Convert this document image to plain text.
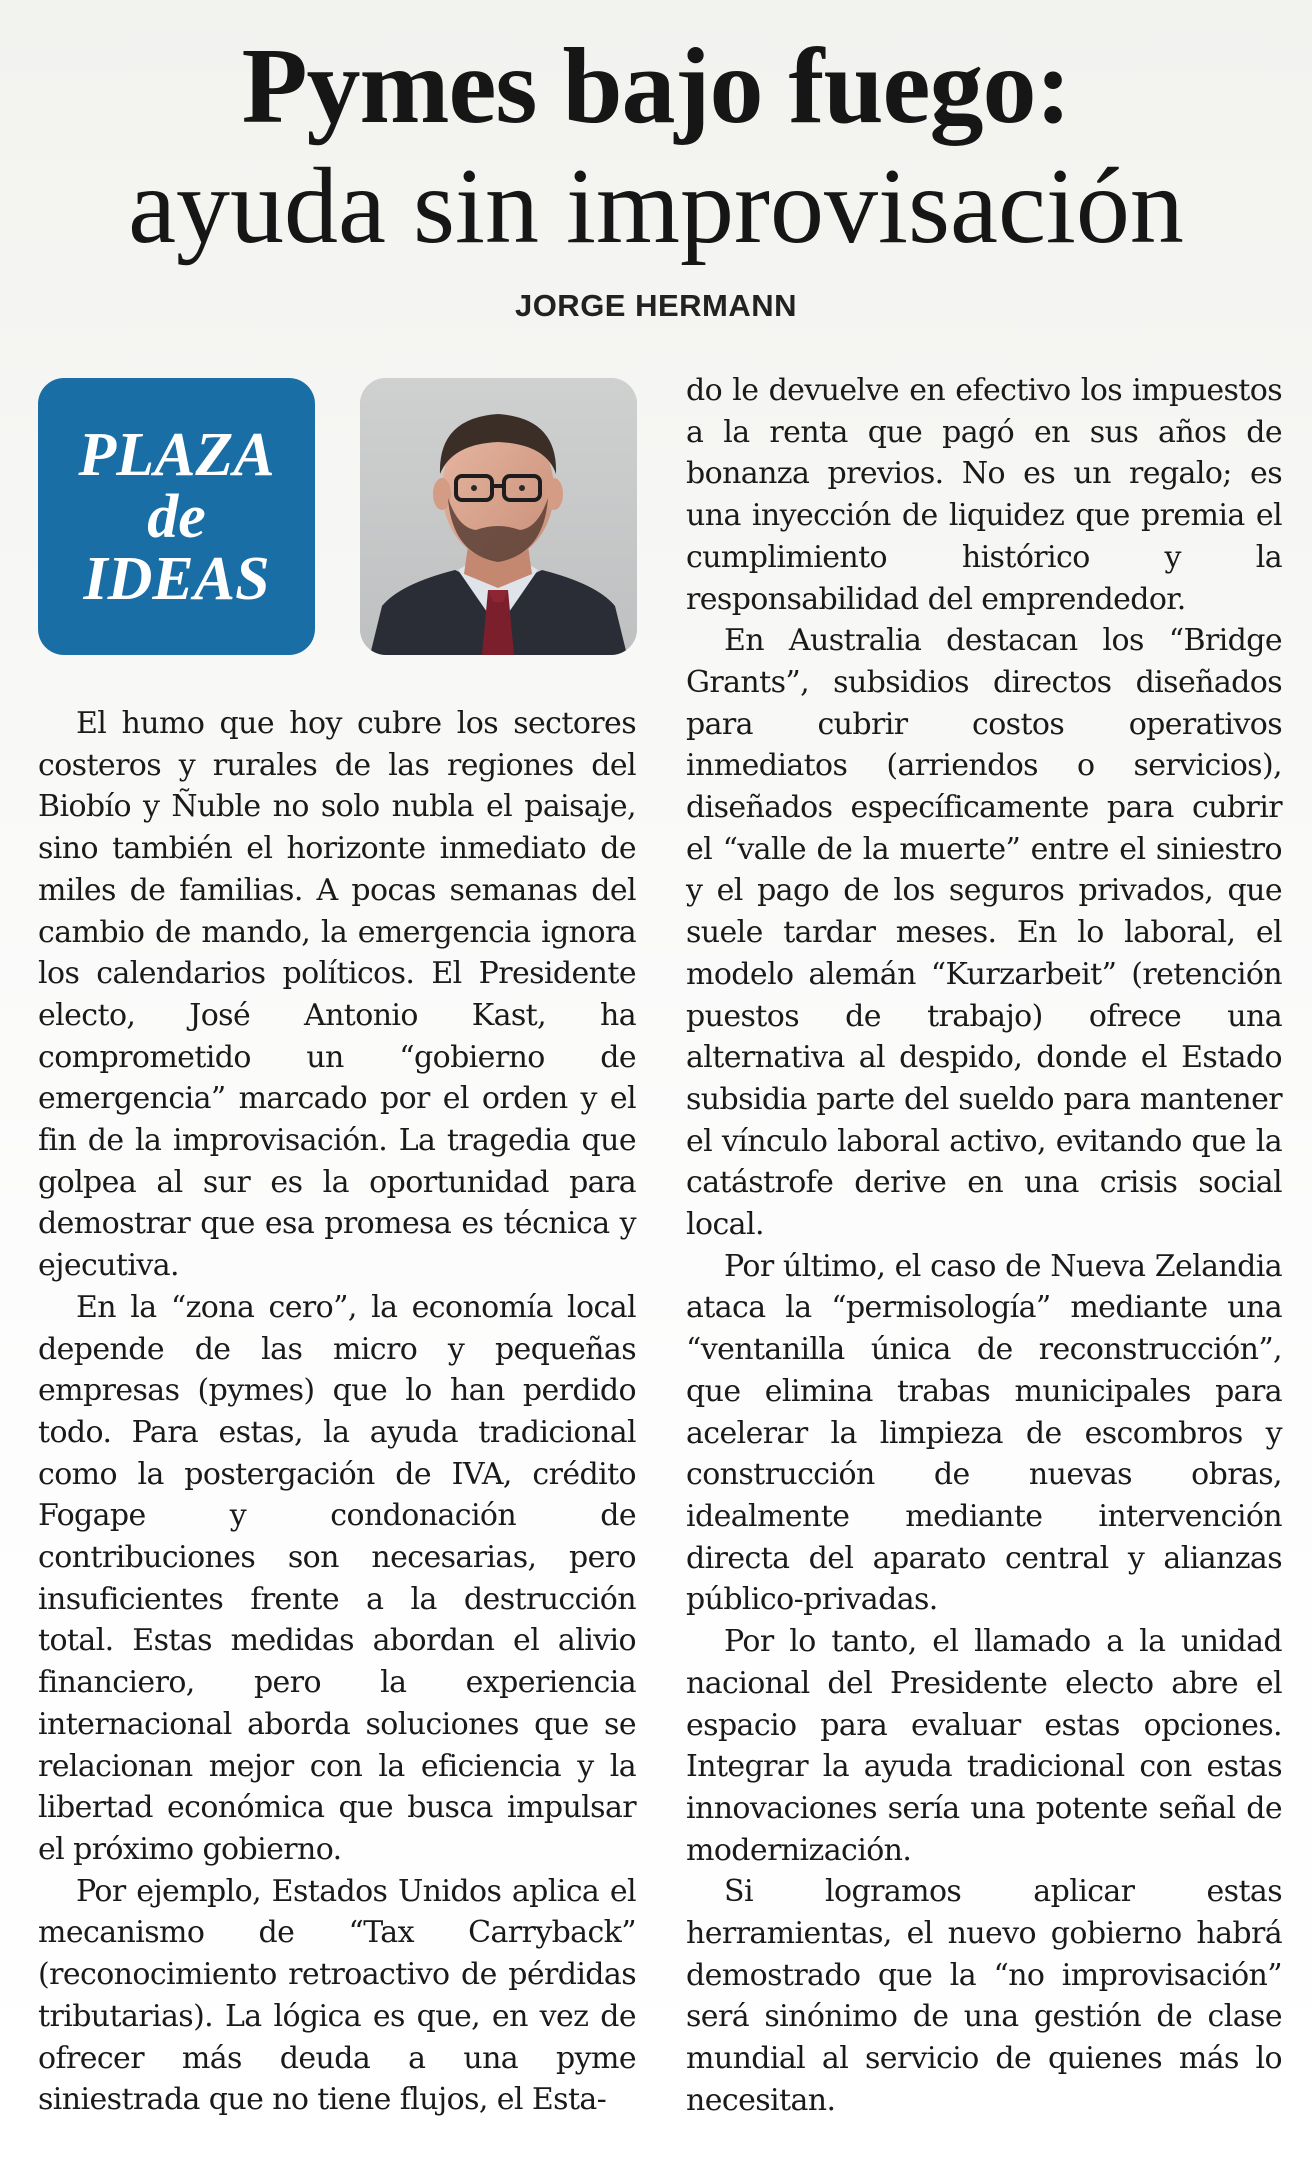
Pymes bajo fuego:
ayuda sin improvisación
JORGE HERMANN
PLAZA
de
IDEAS

El humo que hoy cubre los sectores costeros y rurales de las regiones del Biobío y Ñuble no solo nubla el paisaje, sino también el horizonte inmediato de miles de familias. A pocas semanas del cambio de mando, la emergencia ignora los calendarios políticos. El Presidente electo, José Antonio Kast, ha comprometido un “gobierno de emergencia” marcado por el orden y el fin de la improvisación. La tragedia que golpea al sur es la oportunidad para demostrar que esa promesa es técnica y ejecutiva.

En la “zona cero”, la economía local depende de las micro y pequeñas empresas (pymes) que lo han perdido todo. Para estas, la ayuda tradicional como la postergación de IVA, crédito Fogape y condonación de contribuciones son necesarias, pero insuficientes frente a la destrucción total. Estas medidas abordan el alivio financiero, pero la experiencia internacional aborda soluciones que se relacionan mejor con la eficiencia y la libertad económica que busca impulsar el próximo gobierno.

Por ejemplo, Estados Unidos aplica el mecanismo de “Tax Carryback” (reconocimiento retroactivo de pérdidas tributarias). La lógica es que, en vez de ofrecer más deuda a una pyme siniestrada que no tiene flujos, el Esta-

do le devuelve en efectivo los impuestos a la renta que pagó en sus años de bonanza previos. No es un regalo; es una inyección de liquidez que premia el cumplimiento histórico y la responsabilidad del emprendedor.

En Australia destacan los “Bridge Grants”, subsidios directos diseñados para cubrir costos operativos inmediatos (arriendos o servicios), diseñados específicamente para cubrir el “valle de la muerte” entre el siniestro y el pago de los seguros privados, que suele tardar meses. En lo laboral, el modelo alemán “Kurzarbeit” (retención puestos de trabajo) ofrece una alternativa al despido, donde el Estado subsidia parte del sueldo para mantener el vínculo laboral activo, evitando que la catástrofe derive en una crisis social local.

Por último, el caso de Nueva Zelandia ataca la “permisología” mediante una “ventanilla única de reconstrucción”, que elimina trabas municipales para acelerar la limpieza de escombros y construcción de nuevas obras, idealmente mediante intervención directa del aparato central y alianzas público-privadas.

Por lo tanto, el llamado a la unidad nacional del Presidente electo abre el espacio para evaluar estas opciones. Integrar la ayuda tradicional con estas innovaciones sería una potente señal de modernización.

Si logramos aplicar estas herramientas, el nuevo gobierno habrá demostrado que la “no improvisación” será sinónimo de una gestión de clase mundial al servicio de quienes más lo necesitan.
